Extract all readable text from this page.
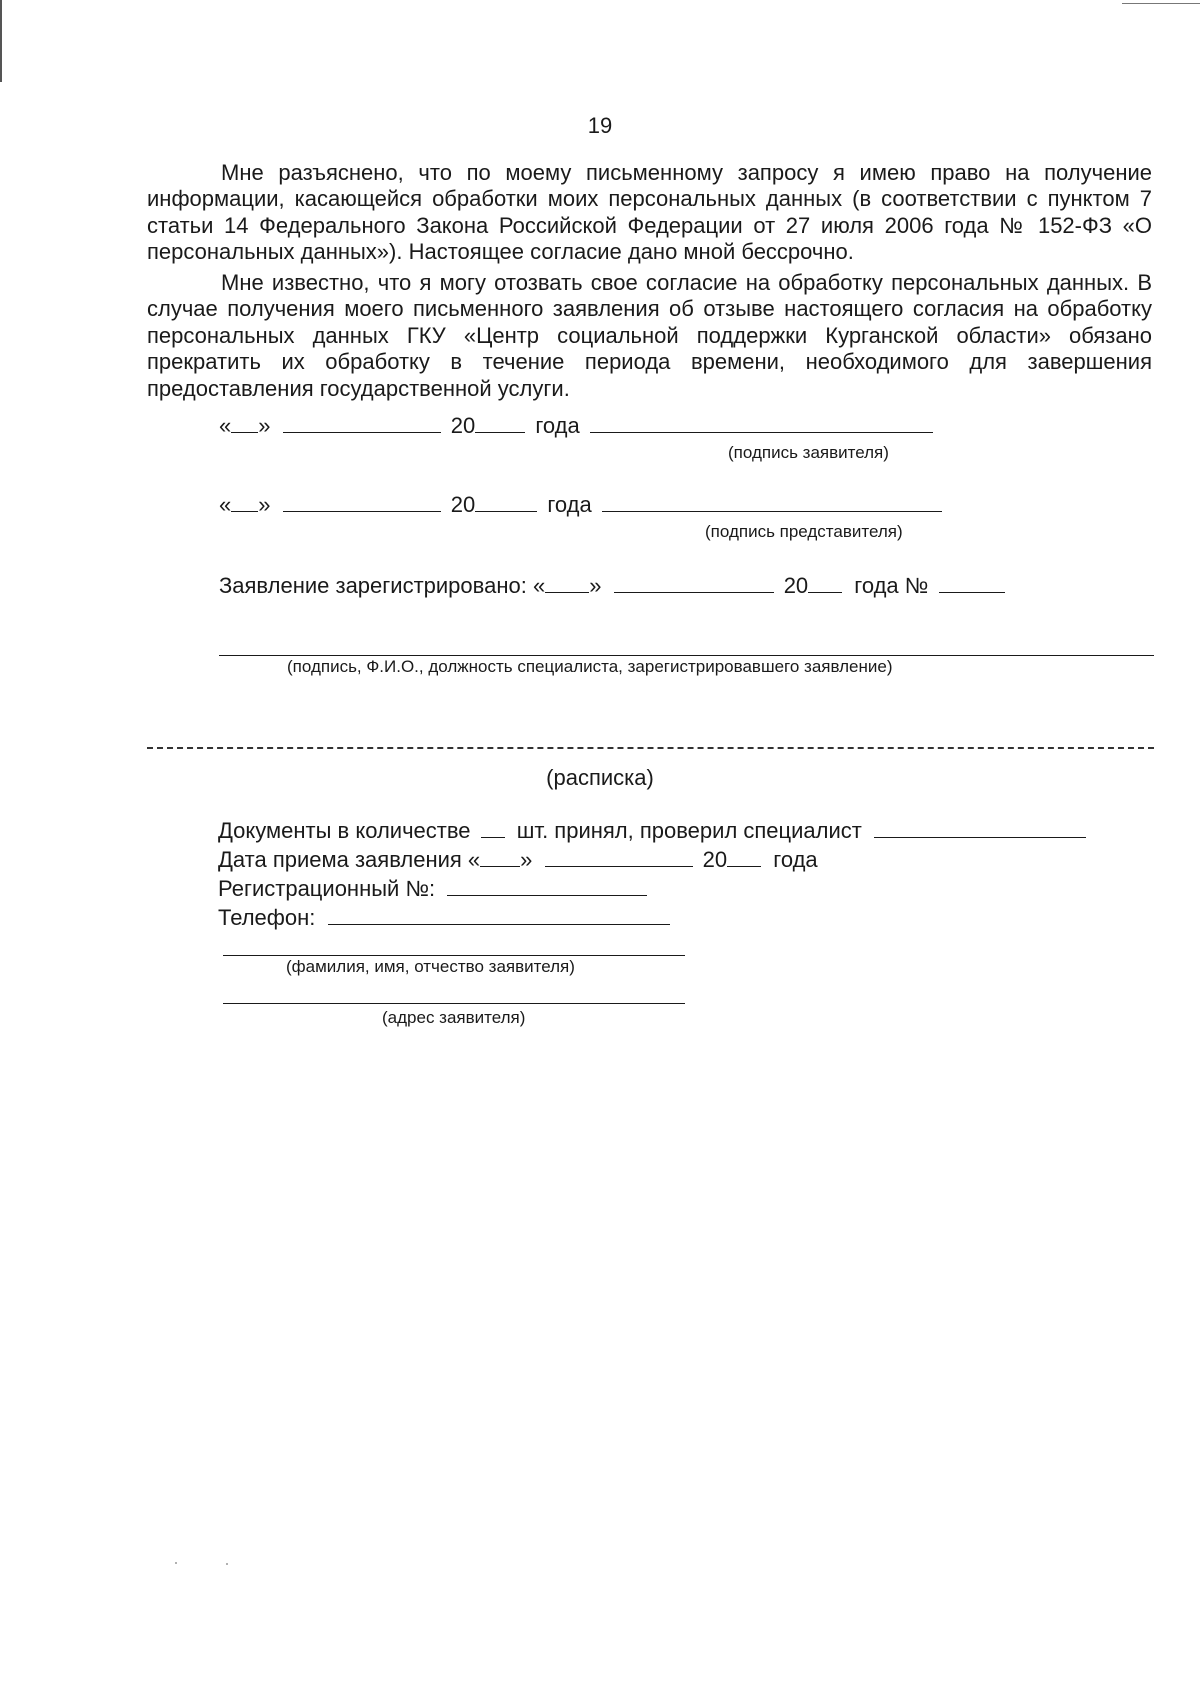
19

Мне разъяснено, что по моему письменному запросу я имею право на получение информации, касающейся обработки моих персональных данных (в соответствии с пунктом 7 статьи 14 Федерального Закона Российской Федерации от 27 июля 2006 года № 152-ФЗ «О персональных данных»). Настоящее согласие дано мной бессрочно.

Мне известно, что я могу отозвать свое согласие на обработку персональных данных. В случае получения моего письменного заявления об отзыве настоящего согласия на обработку персональных данных ГКУ «Центр социальной поддержки Курганской области» обязано прекратить их обработку в течение периода времени, необходимого для завершения предоставления государственной услуги.

« »	20	года
(подпись заявителя)
« »	20	года
(подпись представителя)
Заявление зарегистрировано: « »	20 года №
(подпись, Ф.И.О., должность специалиста, зарегистрировавшего заявление)
(расписка)
Документы в количестве шт. принял, проверил специалист
Дата приема заявления « »	20 года
Регистрационный №:
Телефон:
(фамилия, имя, отчество заявителя)
(адрес заявителя)
